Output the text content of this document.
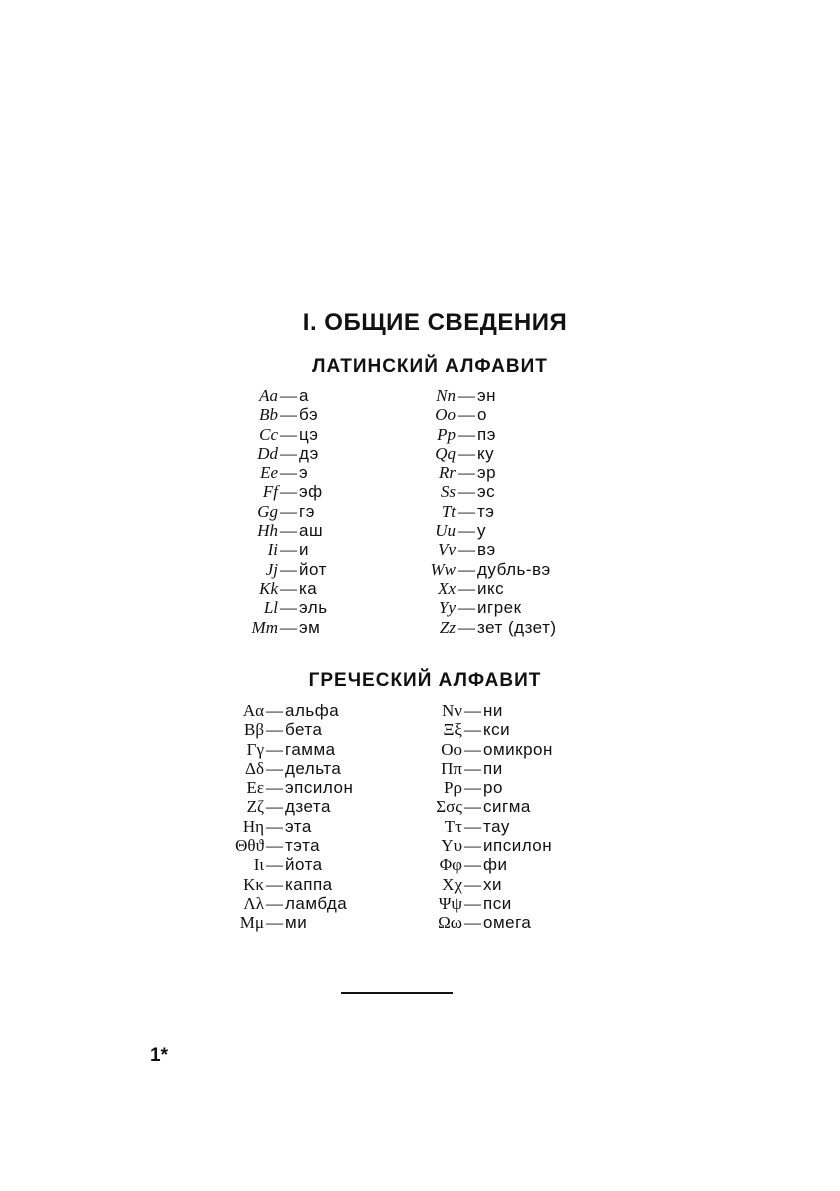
I. ОБЩИЕ СВЕДЕНИЯ
ЛАТИНСКИЙ АЛФАВИТ
Aa — а
Bb — бэ
Cc — цэ
Dd — дэ
Ee — э
Ff — эф
Gg — гэ
Hh — аш
Ii — и
Jj — йот
Kk — ка
Ll — эль
Mm — эм
Nn — эн
Oo — о
Pp — пэ
Qq — ку
Rr — эр
Ss — эс
Tt — тэ
Uu — у
Vv — вэ
Ww — дубль-вэ
Xx — икс
Yy — игрек
Zz — зет (дзет)
ГРЕЧЕСКИЙ АЛФАВИТ
Αα — альфа
Ββ — бета
Γγ — гамма
Δδ — дельта
Εε — эпсилон
Ζζ — дзета
Ηη — эта
Θθϑ — тэта
Ιι — йота
Κκ — каппа
Λλ — ламбда
Μμ — ми
Νν — ни
Ξξ — кси
Οο — омикрон
Ππ — пи
Ρρ — ро
Σσς — сигма
Ττ — тау
Υυ — ипсилон
Φφ — фи
Χχ — хи
Ψψ — пси
Ωω — омега
1*
